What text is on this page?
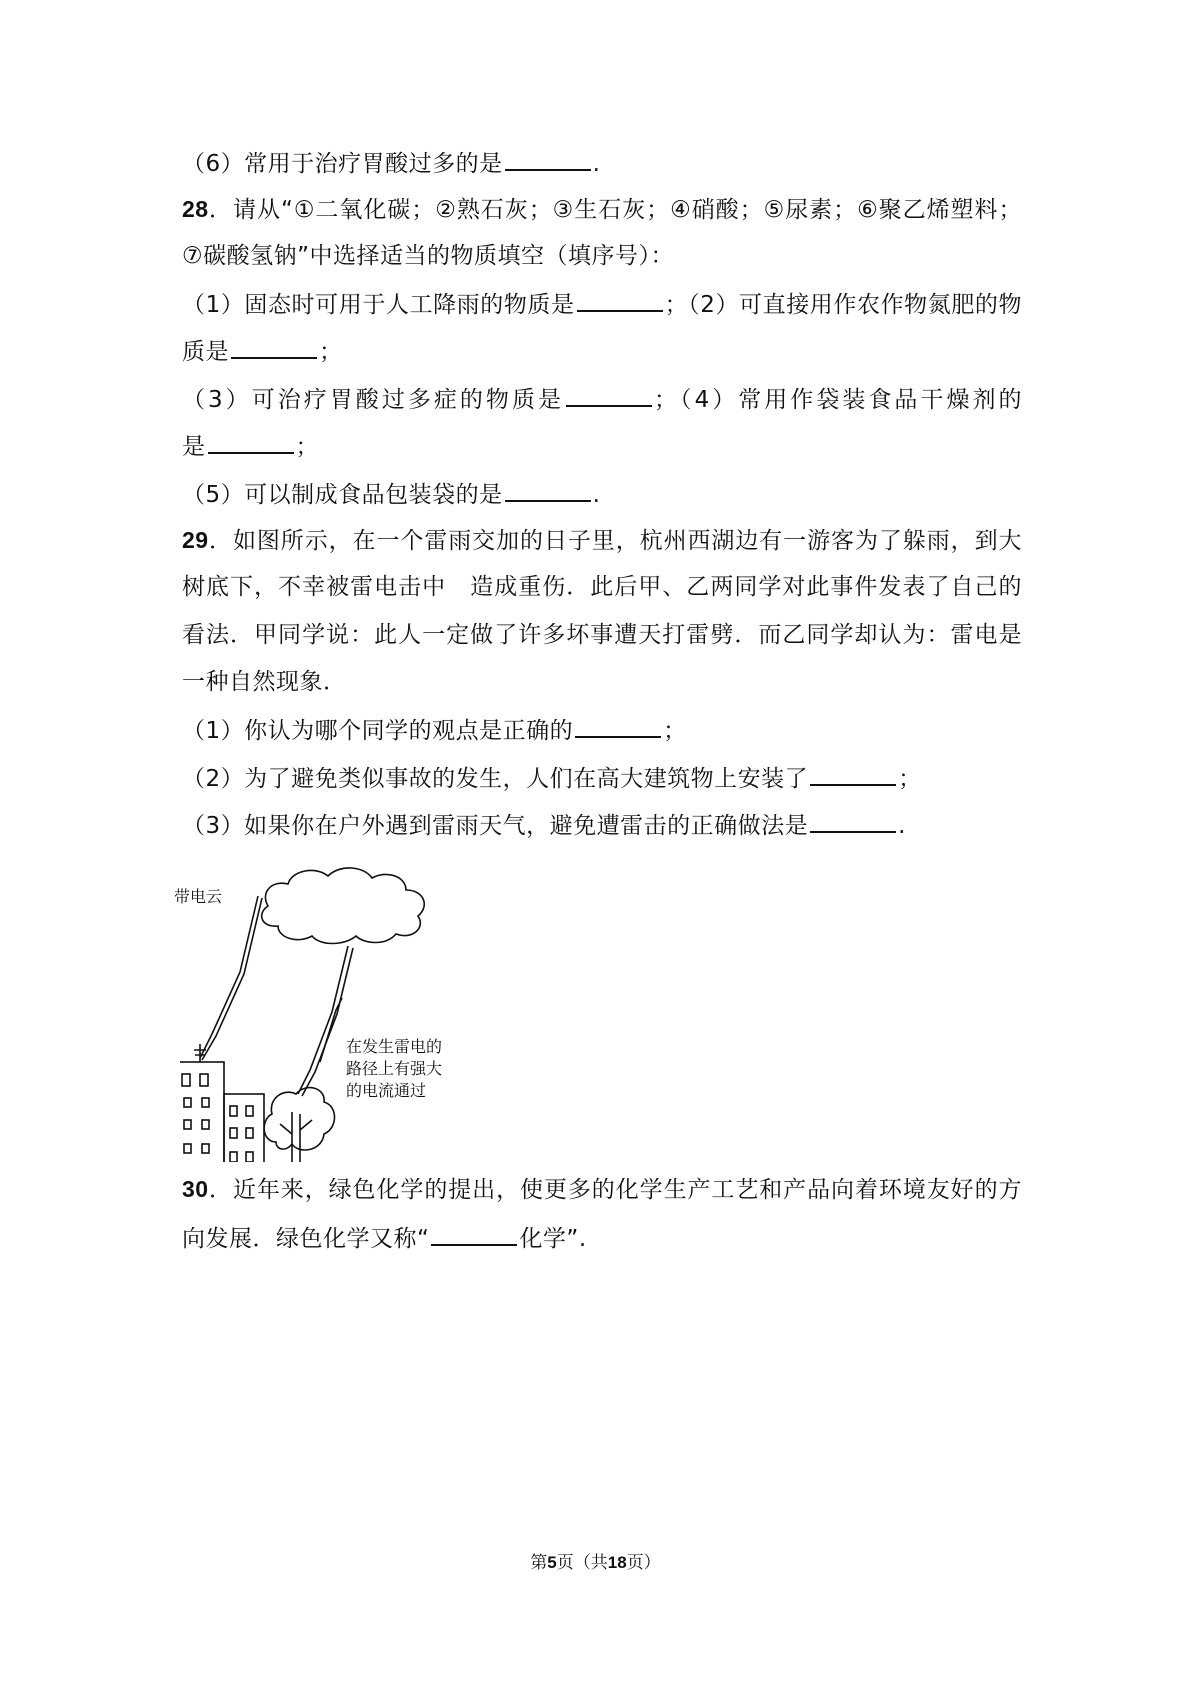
（6）常用于治疗胃酸过多的是	.
28．请从“①二氧化碳；②熟石灰；③生石灰；④硝酸；⑤尿素；⑥聚乙烯塑料；
⑦碳酸氢钠”中选择适当的物质填空（填序号）：
（1）固态时可用于人工降雨的物质是	；（2）可直接用作农作物氮肥的物
质是	；
（3）可治疗胃酸过多症的物质是	；（4）常用作袋装食品干燥剂的
是	；
（5）可以制成食品包装袋的是	.
29．如图所示，在一个雷雨交加的日子里，杭州西湖边有一游客为了躲雨，到大
树底下，不幸被雷电击中　造成重伤．此后甲、乙两同学对此事件发表了自己的
看法．甲同学说：此人一定做了许多坏事遭天打雷劈．而乙同学却认为：雷电是
一种自然现象．
（1）你认为哪个同学的观点是正确的	；
（2）为了避免类似事故的发生，人们在高大建筑物上安装了	；
（3）如果你在户外遇到雷雨天气，避免遭雷击的正确做法是	.
带电云
在发生雷电的
路径上有强大
的电流通过
30．近年来，绿色化学的提出，使更多的化学生产工艺和产品向着环境友好的方
向发展．绿色化学又称“	化学”.
第5页（共18页）
